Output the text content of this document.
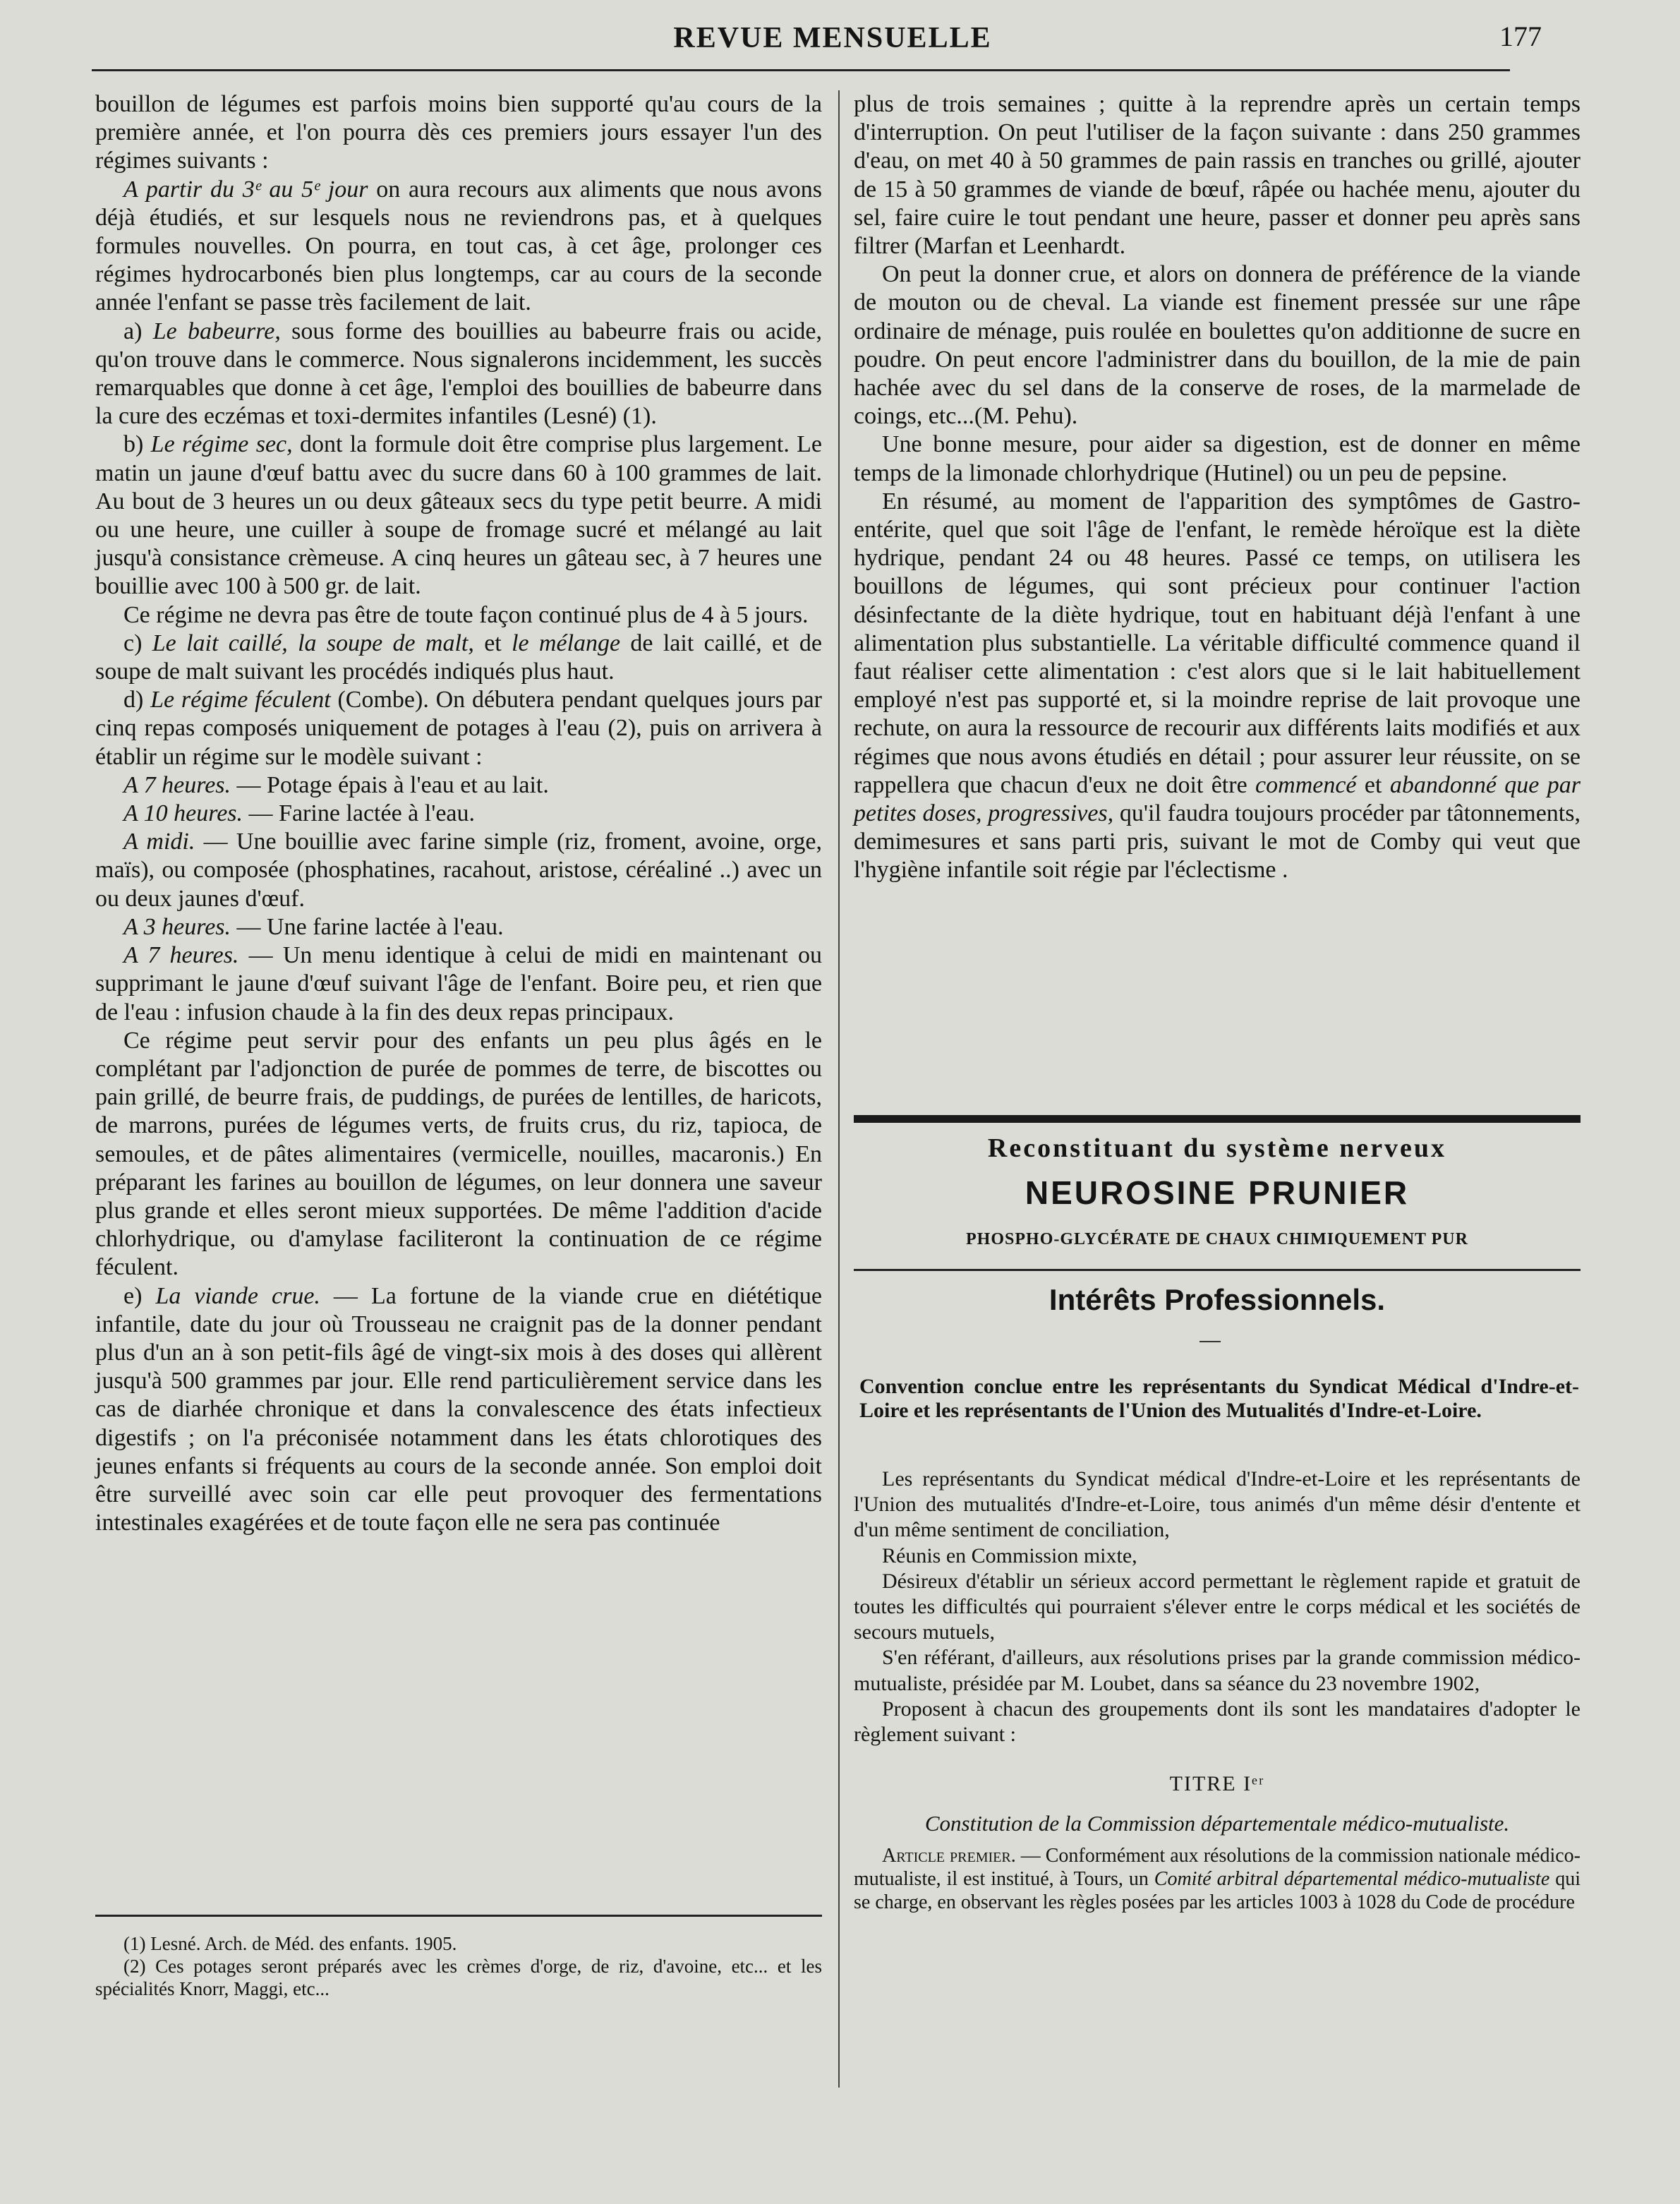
REVUE MENSUELLE	177

bouillon de légumes est parfois moins bien supporté qu'au cours de la première année, et l'on pourra dès ces premiers jours essayer l'un des régimes suivants :

A partir du 3ᵉ au 5ᵉ jour on aura recours aux aliments que nous avons déjà étudiés, et sur lesquels nous ne reviendrons pas, et à quelques formules nouvelles. On pourra, en tout cas, à cet âge, prolonger ces régimes hydrocarbonés bien plus longtemps, car au cours de la seconde année l'enfant se passe très facilement de lait.

a) Le babeurre, sous forme des bouillies au babeurre frais ou acide, qu'on trouve dans le commerce. Nous signalerons incidemment, les succès remarquables que donne à cet âge, l'emploi des bouillies de babeurre dans la cure des eczémas et toxi-dermites infantiles (Lesné) (1).

b) Le régime sec, dont la formule doit être comprise plus largement. Le matin un jaune d'œuf battu avec du sucre dans 60 à 100 grammes de lait. Au bout de 3 heures un ou deux gâteaux secs du type petit beurre. A midi ou une heure, une cuiller à soupe de fromage sucré et mélangé au lait jusqu'à consistance crèmeuse. A cinq heures un gâteau sec, à 7 heures une bouillie avec 100 à 500 gr. de lait.

Ce régime ne devra pas être de toute façon continué plus de 4 à 5 jours.

c) Le lait caillé, la soupe de malt, et le mélange de lait caillé, et de soupe de malt suivant les procédés indiqués plus haut.

d) Le régime féculent (Combe). On débutera pendant quelques jours par cinq repas composés uniquement de potages à l'eau (2), puis on arrivera à établir un régime sur le modèle suivant :

A 7 heures. — Potage épais à l'eau et au lait.

A 10 heures. — Farine lactée à l'eau.

A midi. — Une bouillie avec farine simple (riz, froment, avoine, orge, maïs), ou composée (phosphatines, racahout, aristose, céréaliné ..) avec un ou deux jaunes d'œuf.

A 3 heures. — Une farine lactée à l'eau.

A 7 heures. — Un menu identique à celui de midi en maintenant ou supprimant le jaune d'œuf suivant l'âge de l'enfant. Boire peu, et rien que de l'eau : infusion chaude à la fin des deux repas principaux.

Ce régime peut servir pour des enfants un peu plus âgés en le complétant par l'adjonction de purée de pommes de terre, de biscottes ou pain grillé, de beurre frais, de puddings, de purées de lentilles, de haricots, de marrons, purées de légumes verts, de fruits crus, du riz, tapioca, de semoules, et de pâtes alimentaires (vermicelle, nouilles, macaronis.) En préparant les farines au bouillon de légumes, on leur donnera une saveur plus grande et elles seront mieux supportées. De même l'addition d'acide chlorhydrique, ou d'amylase faciliteront la continuation de ce régime féculent.

e) La viande crue. — La fortune de la viande crue en diététique infantile, date du jour où Trousseau ne craignit pas de la donner pendant plus d'un an à son petit-fils âgé de vingt-six mois à des doses qui allèrent jusqu'à 500 grammes par jour. Elle rend particulièrement service dans les cas de diarhée chronique et dans la convalescence des états infectieux digestifs ; on l'a préconisée notamment dans les états chlorotiques des jeunes enfants si fréquents au cours de la seconde année. Son emploi doit être surveillé avec soin car elle peut provoquer des fermentations intestinales exagérées et de toute façon elle ne sera pas continuée

(1) Lesné. Arch. de Méd. des enfants. 1905.

(2) Ces potages seront préparés avec les crèmes d'orge, de riz, d'avoine, etc... et les spécialités Knorr, Maggi, etc...

plus de trois semaines ; quitte à la reprendre après un certain temps d'interruption. On peut l'utiliser de la façon suivante : dans 250 grammes d'eau, on met 40 à 50 grammes de pain rassis en tranches ou grillé, ajouter de 15 à 50 grammes de viande de bœuf, râpée ou hachée menu, ajouter du sel, faire cuire le tout pendant une heure, passer et donner peu après sans filtrer (Marfan et Leenhardt.

On peut la donner crue, et alors on donnera de préférence de la viande de mouton ou de cheval. La viande est finement pressée sur une râpe ordinaire de ménage, puis roulée en boulettes qu'on additionne de sucre en poudre. On peut encore l'administrer dans du bouillon, de la mie de pain hachée avec du sel dans de la conserve de roses, de la marmelade de coings, etc...(M. Pehu).

Une bonne mesure, pour aider sa digestion, est de donner en même temps de la limonade chlorhydrique (Hutinel) ou un peu de pepsine.

En résumé, au moment de l'apparition des symptômes de Gastro-entérite, quel que soit l'âge de l'enfant, le remède héroïque est la diète hydrique, pendant 24 ou 48 heures. Passé ce temps, on utilisera les bouillons de légumes, qui sont précieux pour continuer l'action désinfectante de la diète hydrique, tout en habituant déjà l'enfant à une alimentation plus substantielle. La véritable difficulté commence quand il faut réaliser cette alimentation : c'est alors que si le lait habituellement employé n'est pas supporté et, si la moindre reprise de lait provoque une rechute, on aura la ressource de recourir aux différents laits modifiés et aux régimes que nous avons étudiés en détail ; pour assurer leur réussite, on se rappellera que chacun d'eux ne doit être commencé et abandonné que par petites doses, progressives, qu'il faudra toujours procéder par tâtonnements, demimesures et sans parti pris, suivant le mot de Comby qui veut que l'hygiène infantile soit régie par l'éclectisme .

Reconstituant du système nerveux
NEUROSINE PRUNIER
PHOSPHO-GLYCÉRATE DE CHAUX CHIMIQUEMENT PUR
Intérêts Professionnels.
Convention conclue entre les représentants du Syndicat Médical d'Indre-et-Loire et les représentants de l'Union des Mutualités d'Indre-et-Loire.

Les représentants du Syndicat médical d'Indre-et-Loire et les représentants de l'Union des mutualités d'Indre-et-Loire, tous animés d'un même désir d'entente et d'un même sentiment de conciliation,

Réunis en Commission mixte,

Désireux d'établir un sérieux accord permettant le règlement rapide et gratuit de toutes les difficultés qui pourraient s'élever entre le corps médical et les sociétés de secours mutuels,

S'en référant, d'ailleurs, aux résolutions prises par la grande commission médico-mutualiste, présidée par M. Loubet, dans sa séance du 23 novembre 1902,

Proposent à chacun des groupements dont ils sont les mandataires d'adopter le règlement suivant :

TITRE Iᵉʳ
Constitution de la Commission départementale médico-mutualiste.

Article premier. — Conformément aux résolutions de la commission nationale médico-mutualiste, il est institué, à Tours, un Comité arbitral départemental médico-mutualiste qui se charge, en observant les règles posées par les articles 1003 à 1028 du Code de procédure
